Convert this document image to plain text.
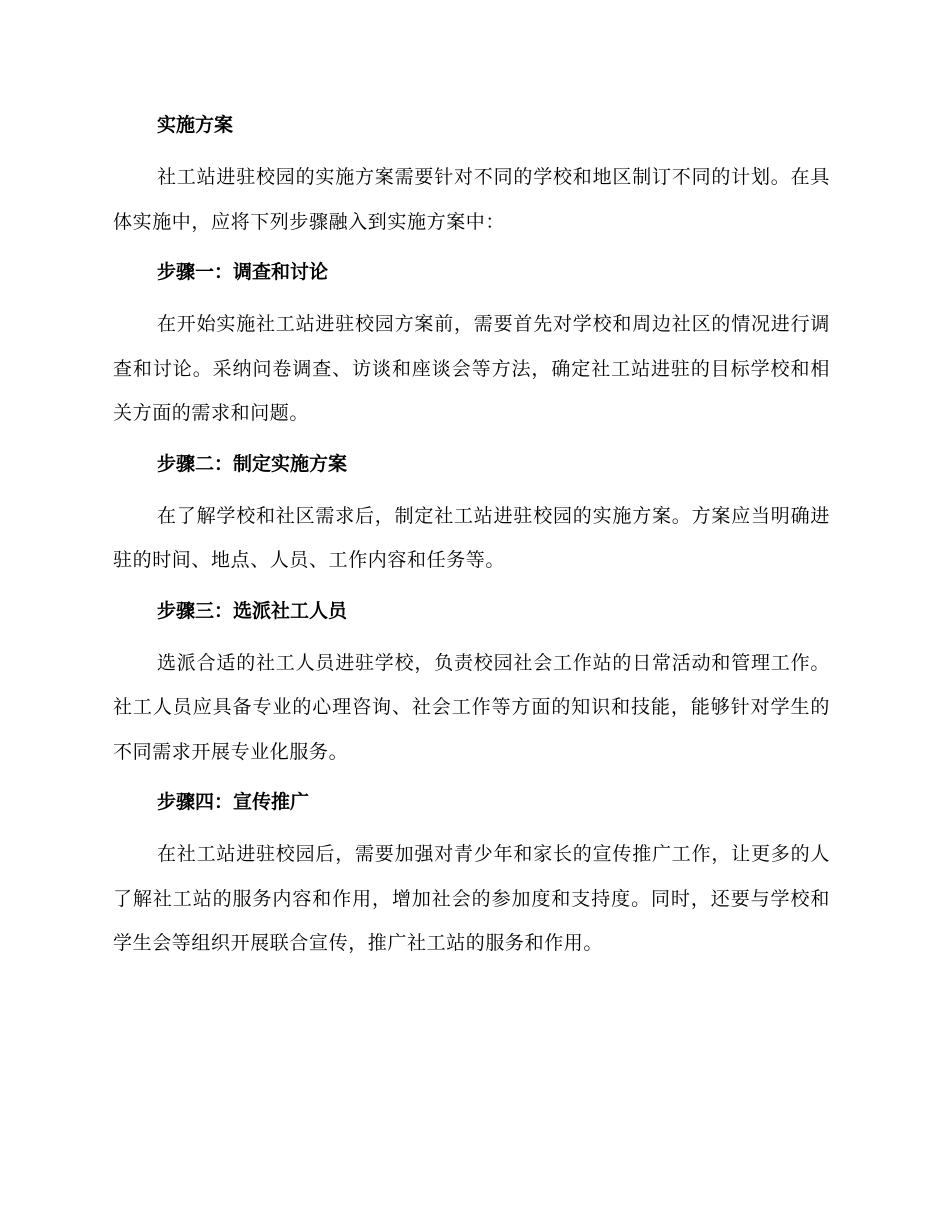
实施方案

社工站进驻校园的实施方案需要针对不同的学校和地区制订不同的计划。在具体实施中，应将下列步骤融入到实施方案中：

步骤一：调查和讨论

在开始实施社工站进驻校园方案前，需要首先对学校和周边社区的情况进行调查和讨论。采纳问卷调查、访谈和座谈会等方法，确定社工站进驻的目标学校和相关方面的需求和问题。

步骤二：制定实施方案

在了解学校和社区需求后，制定社工站进驻校园的实施方案。方案应当明确进驻的时间、地点、人员、工作内容和任务等。

步骤三：选派社工人员

选派合适的社工人员进驻学校，负责校园社会工作站的日常活动和管理工作。社工人员应具备专业的心理咨询、社会工作等方面的知识和技能，能够针对学生的不同需求开展专业化服务。

步骤四：宣传推广

在社工站进驻校园后，需要加强对青少年和家长的宣传推广工作，让更多的人了解社工站的服务内容和作用，增加社会的参加度和支持度。同时，还要与学校和学生会等组织开展联合宣传，推广社工站的服务和作用。
